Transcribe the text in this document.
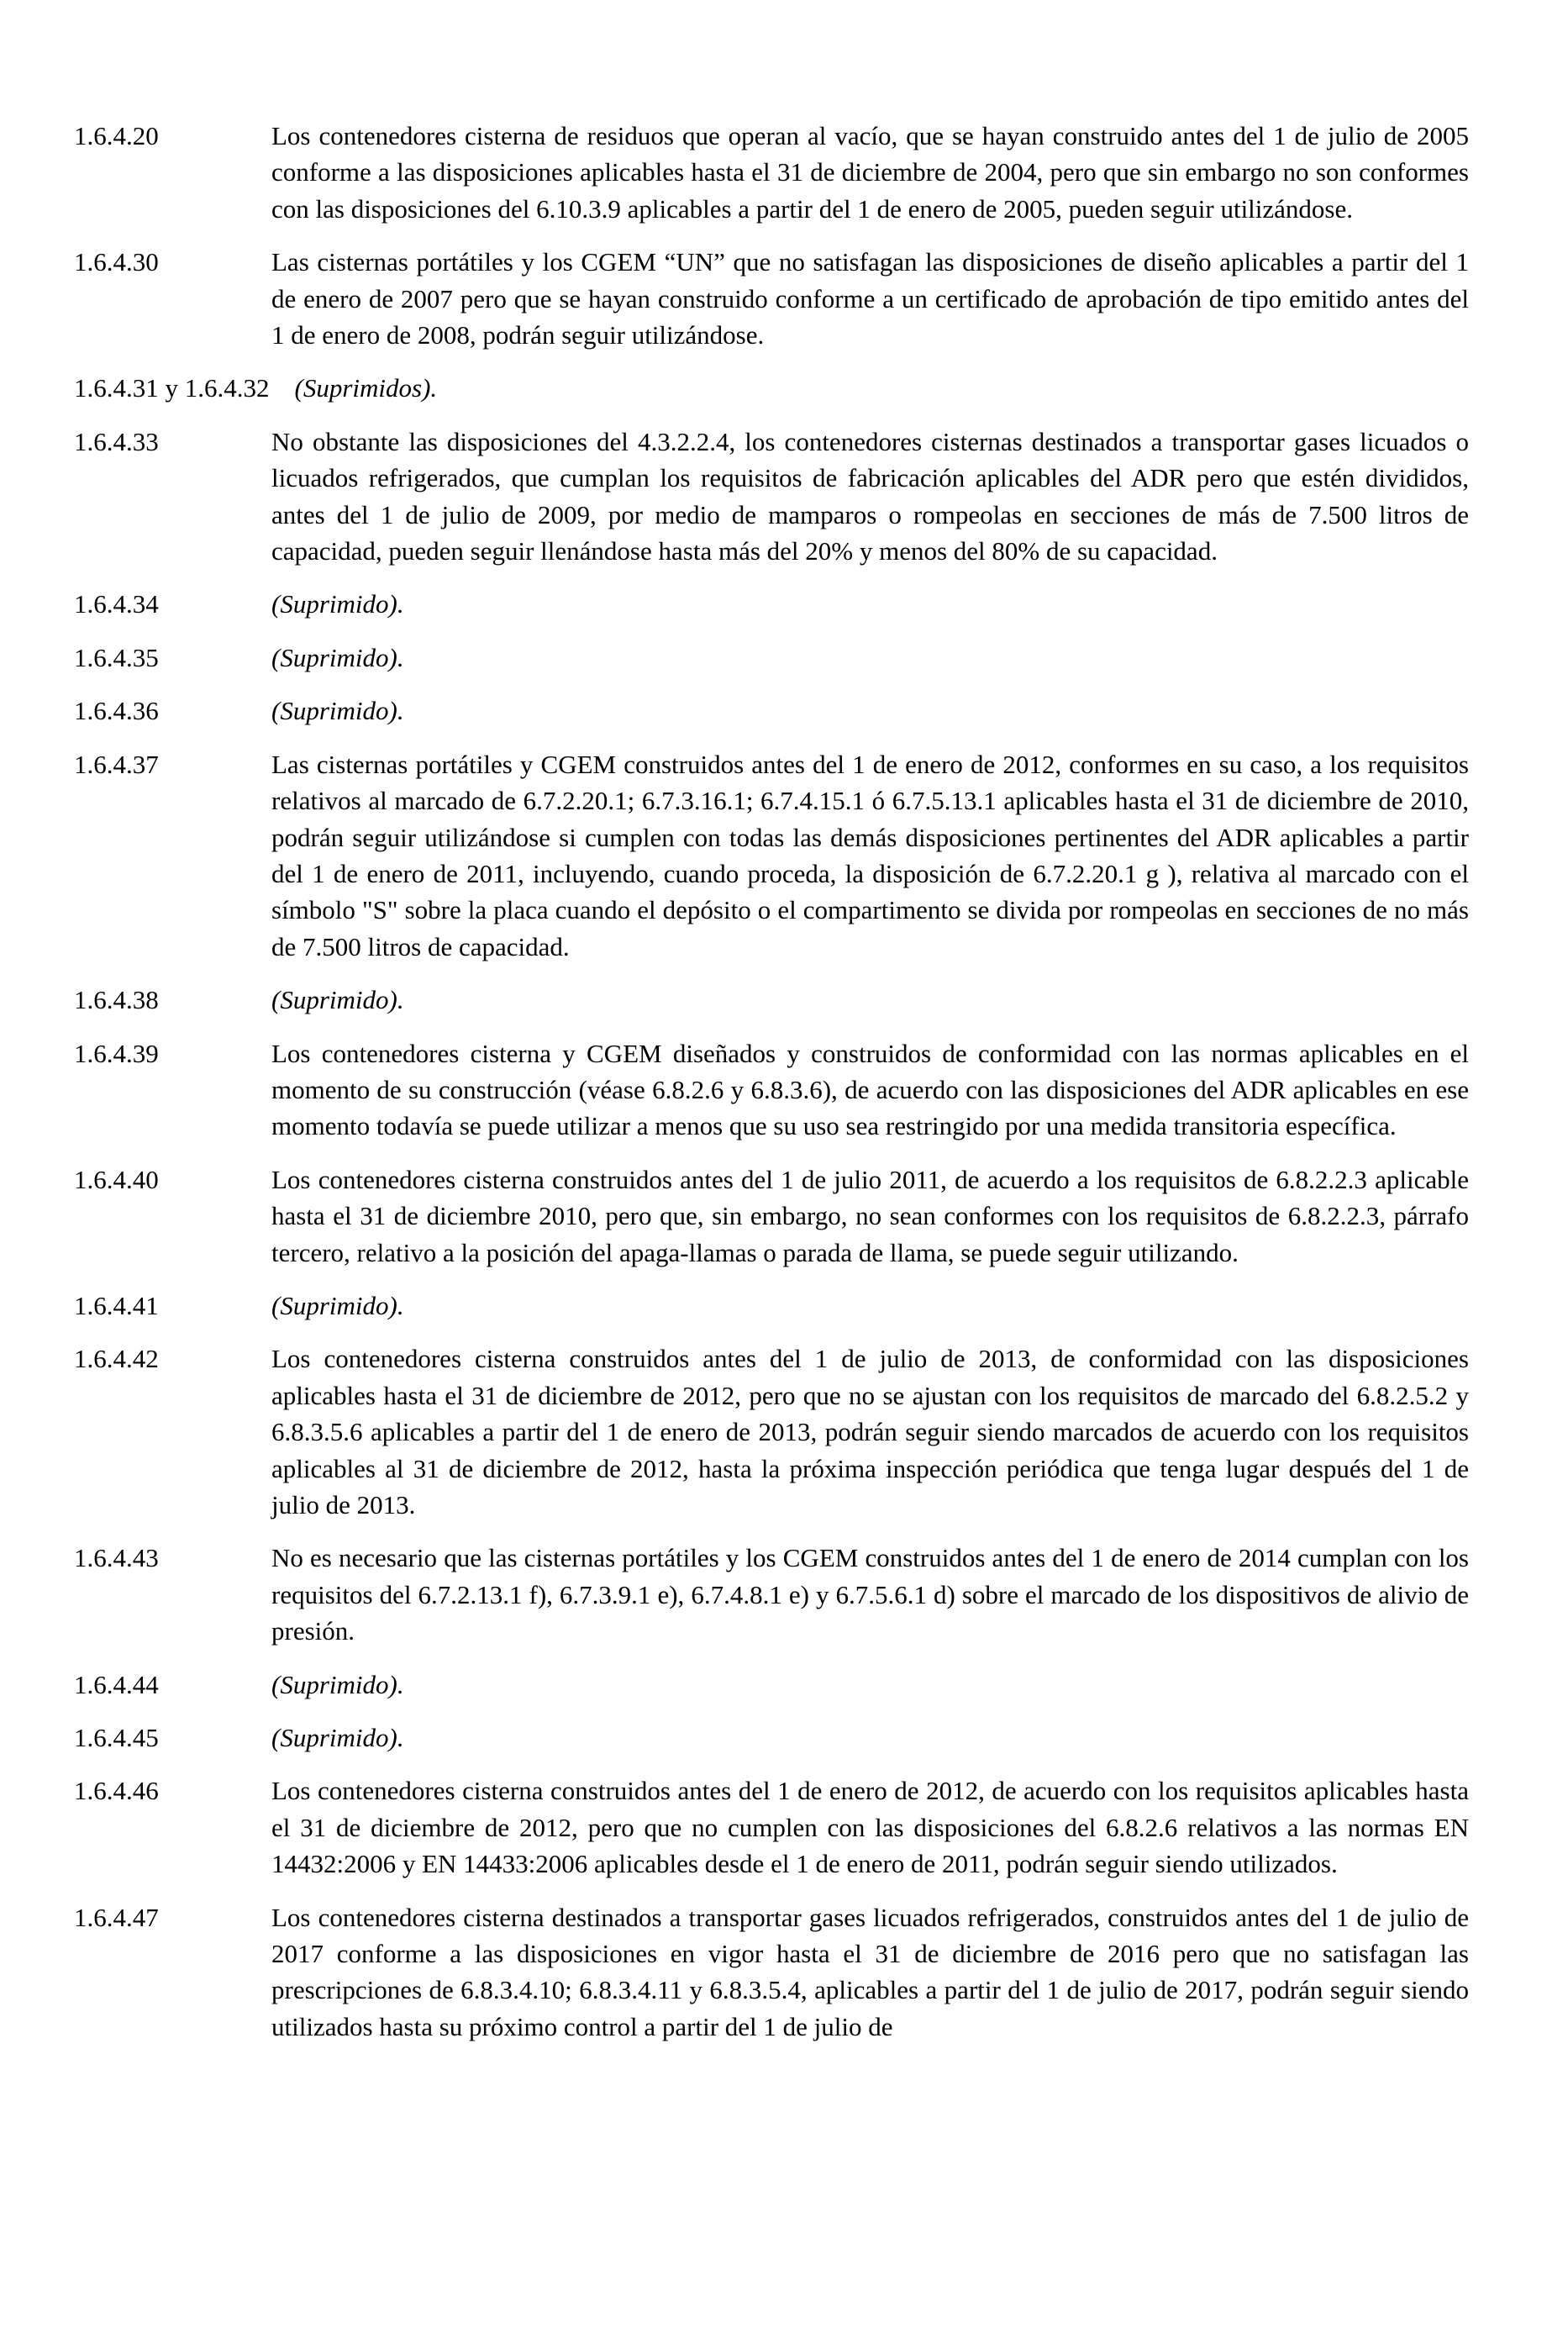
1.6.4.20	Los contenedores cisterna de residuos que operan al vacío, que se hayan construido antes del 1 de julio de 2005 conforme a las disposiciones aplicables hasta el 31 de diciembre de 2004, pero que sin embargo no son conformes con las disposiciones del 6.10.3.9 aplicables a partir del 1 de enero de 2005, pueden seguir utilizándose.
1.6.4.30	Las cisternas portátiles y los CGEM “UN” que no satisfagan las disposiciones de diseño aplicables a partir del 1 de enero de 2007 pero que se hayan construido conforme a un certificado de aprobación de tipo emitido antes del 1 de enero de 2008, podrán seguir utilizándose.
1.6.4.31 y 1.6.4.32 (Suprimidos).
1.6.4.33	No obstante las disposiciones del 4.3.2.2.4, los contenedores cisternas destinados a transportar gases licuados o licuados refrigerados, que cumplan los requisitos de fabricación aplicables del ADR pero que estén divididos, antes del 1 de julio de 2009, por medio de mamparos o rompeolas en secciones de más de 7.500 litros de capacidad, pueden seguir llenándose hasta más del 20% y menos del 80% de su capacidad.
1.6.4.34	(Suprimido).
1.6.4.35	(Suprimido).
1.6.4.36	(Suprimido).
1.6.4.37	Las cisternas portátiles y CGEM construidos antes del 1 de enero de 2012, conformes en su caso, a los requisitos relativos al marcado de 6.7.2.20.1; 6.7.3.16.1; 6.7.4.15.1 ó 6.7.5.13.1 aplicables hasta el 31 de diciembre de 2010, podrán seguir utilizándose si cumplen con todas las demás disposiciones pertinentes del ADR aplicables a partir del 1 de enero de 2011, incluyendo, cuando proceda, la disposición de 6.7.2.20.1 g ), relativa al marcado con el símbolo "S" sobre la placa cuando el depósito o el compartimento se divida por rompeolas en secciones de no más de 7.500 litros de capacidad.
1.6.4.38	(Suprimido).
1.6.4.39	Los contenedores cisterna y CGEM diseñados y construidos de conformidad con las normas aplicables en el momento de su construcción (véase 6.8.2.6 y 6.8.3.6), de acuerdo con las disposiciones del ADR aplicables en ese momento todavía se puede utilizar a menos que su uso sea restringido por una medida transitoria específica.
1.6.4.40	Los contenedores cisterna construidos antes del 1 de julio 2011, de acuerdo a los requisitos de 6.8.2.2.3 aplicable hasta el 31 de diciembre 2010, pero que, sin embargo, no sean conformes con los requisitos de 6.8.2.2.3, párrafo tercero, relativo a la posición del apaga-llamas o parada de llama, se puede seguir utilizando.
1.6.4.41	(Suprimido).
1.6.4.42	Los contenedores cisterna construidos antes del 1 de julio de 2013, de conformidad con las disposiciones aplicables hasta el 31 de diciembre de 2012, pero que no se ajustan con los requisitos de marcado del 6.8.2.5.2 y 6.8.3.5.6 aplicables a partir del 1 de enero de 2013, podrán seguir siendo marcados de acuerdo con los requisitos aplicables al 31 de diciembre de 2012, hasta la próxima inspección periódica que tenga lugar después del 1 de julio de 2013.
1.6.4.43	No es necesario que las cisternas portátiles y los CGEM construidos antes del 1 de enero de 2014 cumplan con los requisitos del 6.7.2.13.1 f), 6.7.3.9.1 e), 6.7.4.8.1 e) y 6.7.5.6.1 d) sobre el marcado de los dispositivos de alivio de presión.
1.6.4.44	(Suprimido).
1.6.4.45	(Suprimido).
1.6.4.46	Los contenedores cisterna construidos antes del 1 de enero de 2012, de acuerdo con los requisitos aplicables hasta el 31 de diciembre de 2012, pero que no cumplen con las disposiciones del 6.8.2.6 relativos a las normas EN 14432:2006 y EN 14433:2006 aplicables desde el 1 de enero de 2011, podrán seguir siendo utilizados.
1.6.4.47	Los contenedores cisterna destinados a transportar gases licuados refrigerados, construidos antes del 1 de julio de 2017 conforme a las disposiciones en vigor hasta el 31 de diciembre de 2016 pero que no satisfagan las prescripciones de 6.8.3.4.10; 6.8.3.4.11 y 6.8.3.5.4, aplicables a partir del 1 de julio de 2017, podrán seguir siendo utilizados hasta su próximo control a partir del 1 de julio de
